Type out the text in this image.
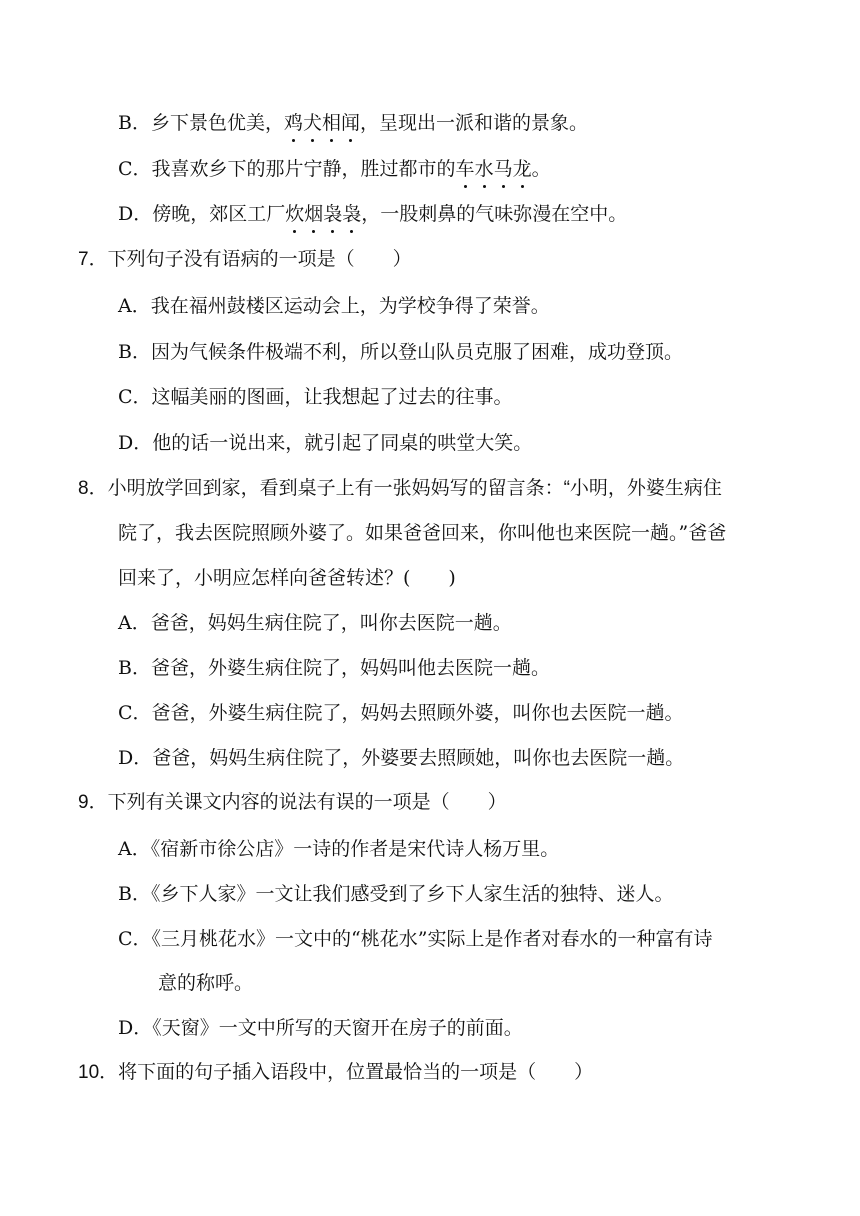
B．乡下景色优美，鸡犬相闻，呈现出一派和谐的景象。
C．我喜欢乡下的那片宁静，胜过都市的车水马龙。
D．傍晚，郊区工厂炊烟袅袅，一股刺鼻的气味弥漫在空中。
7．下列句子没有语病的一项是（　　）
A．我在福州鼓楼区运动会上，为学校争得了荣誉。
B．因为气候条件极端不利，所以登山队员克服了困难，成功登顶。
C．这幅美丽的图画，让我想起了过去的往事。
D．他的话一说出来，就引起了同桌的哄堂大笑。
8．小明放学回到家，看到桌子上有一张妈妈写的留言条：“小明，外婆生病住
院了，我去医院照顾外婆了。如果爸爸回来，你叫他也来医院一趟。”爸爸
回来了，小明应怎样向爸爸转述？(　　)
A．爸爸，妈妈生病住院了，叫你去医院一趟。
B．爸爸，外婆生病住院了，妈妈叫他去医院一趟。
C．爸爸，外婆生病住院了，妈妈去照顾外婆，叫你也去医院一趟。
D．爸爸，妈妈生病住院了，外婆要去照顾她，叫你也去医院一趟。
9．下列有关课文内容的说法有误的一项是（　　）
A．《宿新市徐公店》一诗的作者是宋代诗人杨万里。
B．《乡下人家》一文让我们感受到了乡下人家生活的独特、迷人。
C．《三月桃花水》一文中的“桃花水”实际上是作者对春水的一种富有诗
意的称呼。
D．《天窗》一文中所写的天窗开在房子的前面。
10．将下面的句子插入语段中，位置最恰当的一项是（　　）
